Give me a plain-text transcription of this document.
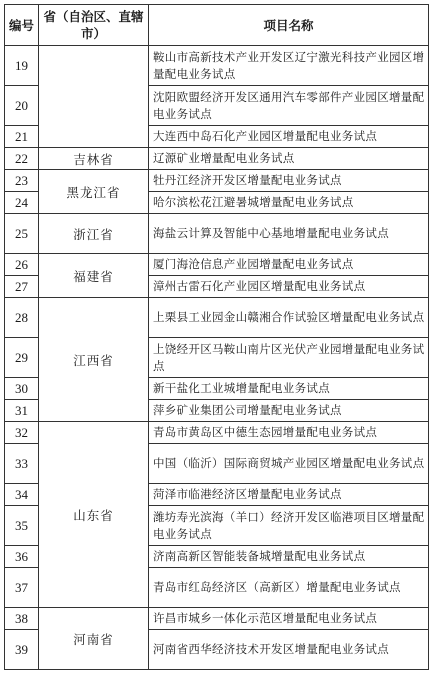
编号	省（自治区、直辖市）	项目名称
19		鞍山市高新技术产业开发区辽宁激光科技产业园区增量配电业务试点
20		沈阳欧盟经济开发区通用汽车零部件产业园区增量配电业务试点
21		大连西中岛石化产业园区增量配电业务试点
22	吉林省	辽源矿业增量配电业务试点
23	黑龙江省	牡丹江经济开发区增量配电业务试点
24		哈尔滨松花江避暑城增量配电业务试点
25	浙江省	海盐云计算及智能中心基地增量配电业务试点
26	福建省	厦门海沧信息产业园增量配电业务试点
27		漳州古雷石化产业园区增量配电业务试点
28	江西省	上栗县工业园金山赣湘合作试验区增量配电业务试点
29		上饶经开区马鞍山南片区光伏产业园增量配电业务试点
30		新干盐化工业城增量配电业务试点
31		萍乡矿业集团公司增量配电业务试点
32	山东省	青岛市黄岛区中德生态园增量配电业务试点
33		中国（临沂）国际商贸城产业园区增量配电业务试点
34		菏泽市临港经济区增量配电业务试点
35		潍坊寿光滨海（羊口）经济开发区临港项目区增量配电业务试点
36		济南高新区智能装备城增量配电业务试点
37		青岛市红岛经济区（高新区）增量配电业务试点
38	河南省	许昌市城乡一体化示范区增量配电业务试点
39		河南省西华经济技术开发区增量配电业务试点
